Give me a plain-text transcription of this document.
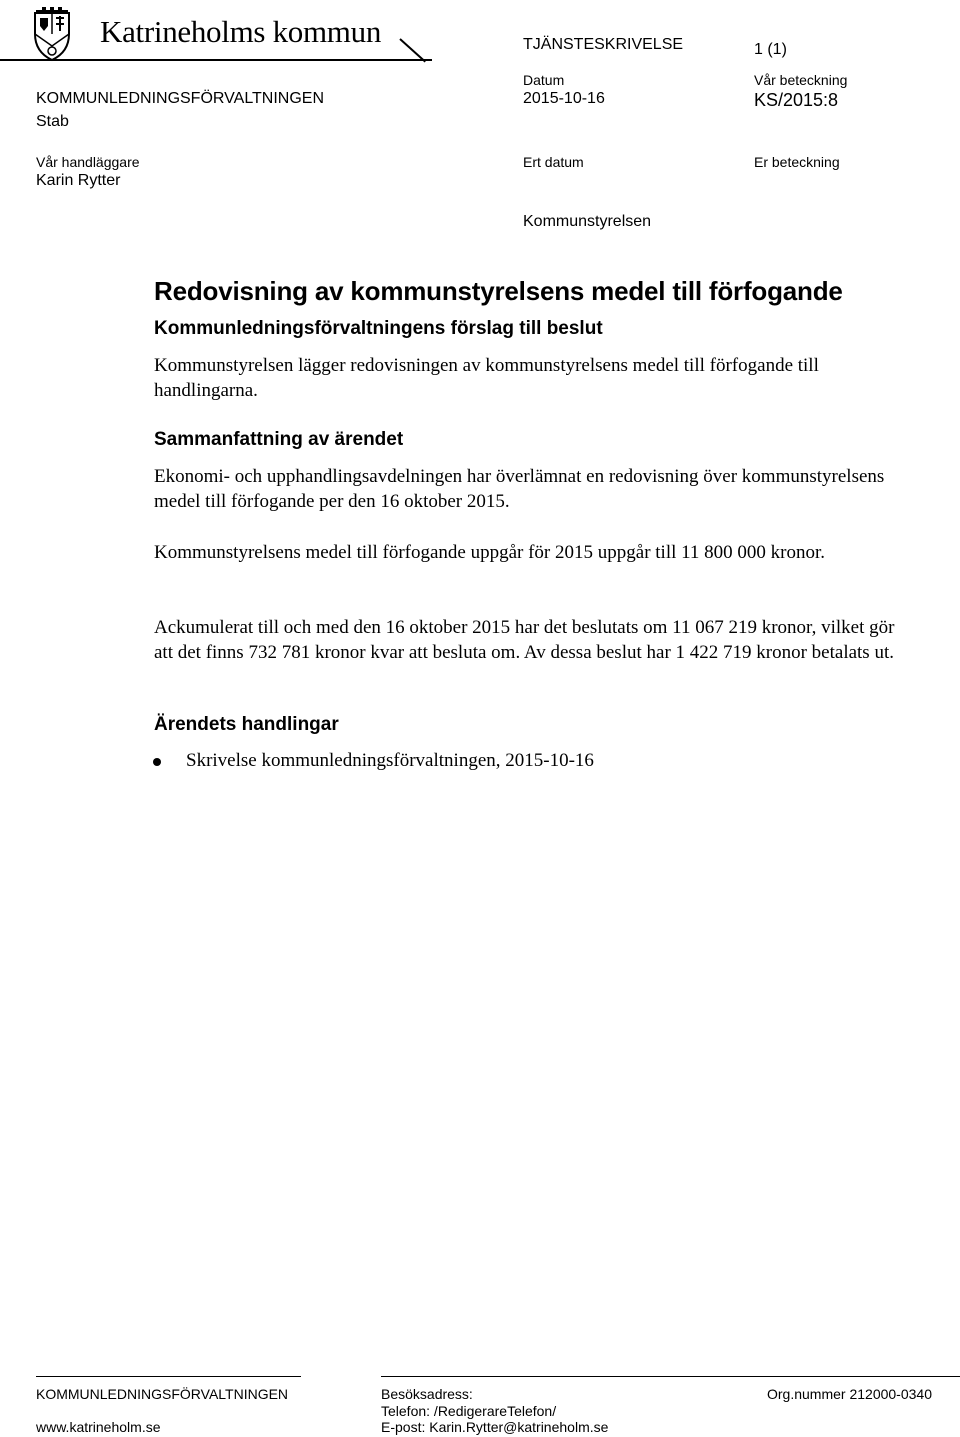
Katrineholms kommun	TJÄNSTESKRIVELSE	1 (1)
KOMMUNLEDNINGSFÖRVALTNINGEN
Stab
Datum
2015-10-16
Vår beteckning
KS/2015:8
Vår handläggare
Karin Rytter
Ert datum	Er beteckning
Kommunstyrelsen
Redovisning av kommunstyrelsens medel till förfogande
Kommunledningsförvaltningens förslag till beslut
Kommunstyrelsen lägger redovisningen av kommunstyrelsens medel till förfogande till handlingarna.
Sammanfattning av ärendet
Ekonomi- och upphandlingsavdelningen har överlämnat en redovisning över kommunstyrelsens medel till förfogande per den 16 oktober 2015.
Kommunstyrelsens medel till förfogande uppgår för 2015 uppgår till 11 800 000 kronor.
Ackumulerat till och med den 16 oktober 2015 har det beslutats om 11 067 219 kronor, vilket gör att det finns 732 781 kronor kvar att besluta om. Av dessa beslut har 1 422 719 kronor betalats ut.
Ärendets handlingar
Skrivelse kommunledningsförvaltningen, 2015-10-16
KOMMUNLEDNINGSFÖRVALTNINGEN
www.katrineholm.se
Besöksadress:
Telefon: /RedigerareTelefon/
E-post: Karin.Rytter@katrineholm.se
Org.nummer 212000-0340
